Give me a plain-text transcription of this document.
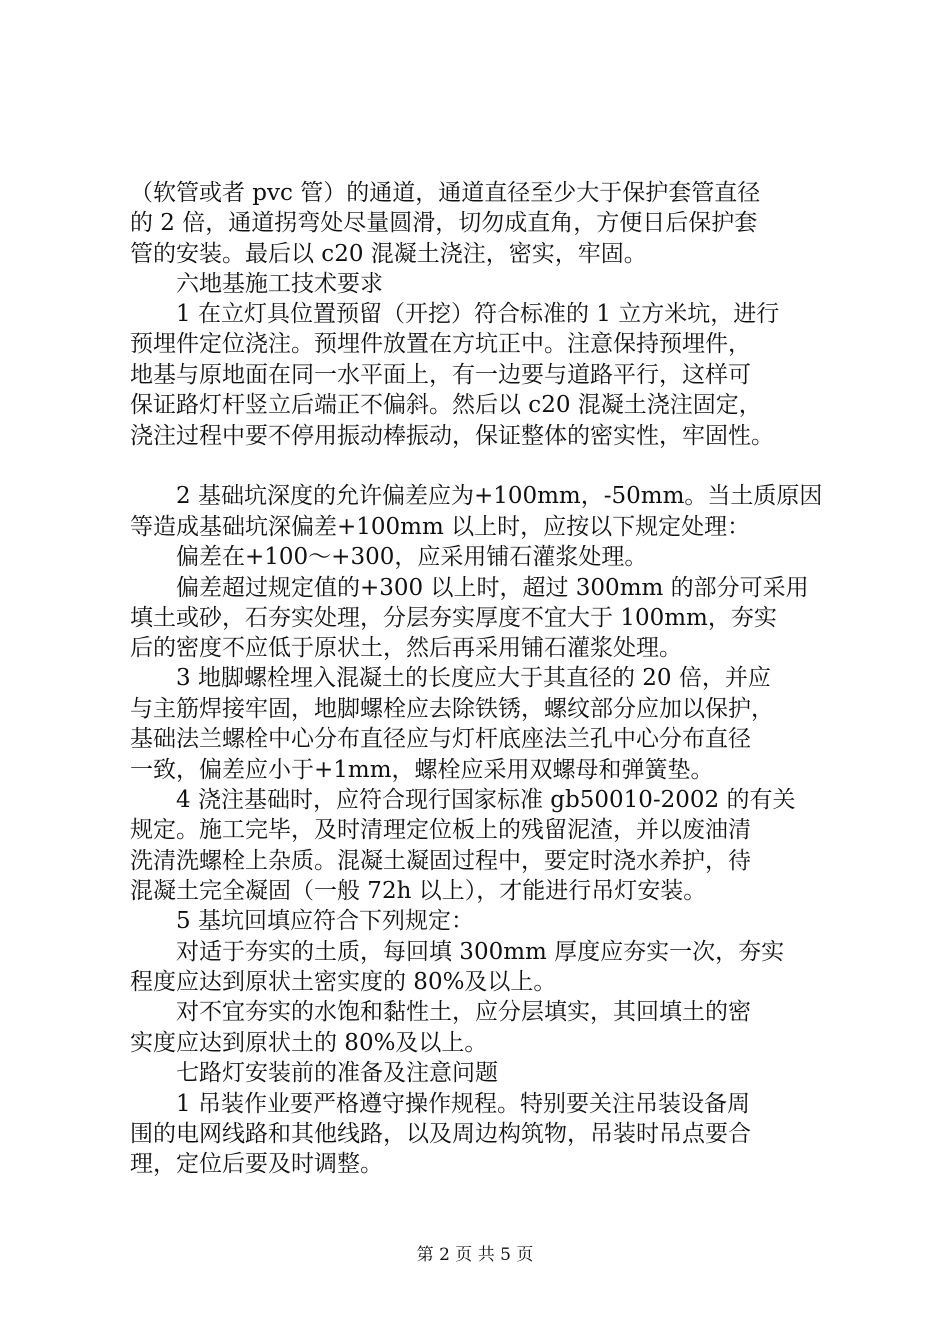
（软管或者 pvc 管）的通道，通道直径至少大于保护套管直径
的 2 倍，通道拐弯处尽量圆滑，切勿成直角，方便日后保护套
管的安装。最后以 c20 混凝土浇注，密实，牢固。
六地基施工技术要求
1 在立灯具位置预留（开挖）符合标准的 1 立方米坑，进行
预埋件定位浇注。预埋件放置在方坑正中。注意保持预埋件，
地基与原地面在同一水平面上，有一边要与道路平行，这样可
保证路灯杆竖立后端正不偏斜。然后以 c20 混凝土浇注固定，
浇注过程中要不停用振动棒振动，保证整体的密实性，牢固性。
2 基础坑深度的允许偏差应为+100mm，-50mm。当土质原因
等造成基础坑深偏差+100mm 以上时，应按以下规定处理：
偏差在+100～+300，应采用铺石灌浆处理。
偏差超过规定值的+300 以上时，超过 300mm 的部分可采用
填土或砂，石夯实处理，分层夯实厚度不宜大于 100mm，夯实
后的密度不应低于原状土，然后再采用铺石灌浆处理。
3 地脚螺栓埋入混凝土的长度应大于其直径的 20 倍，并应
与主筋焊接牢固，地脚螺栓应去除铁锈，螺纹部分应加以保护，
基础法兰螺栓中心分布直径应与灯杆底座法兰孔中心分布直径
一致，偏差应小于+1mm，螺栓应采用双螺母和弹簧垫。
4 浇注基础时，应符合现行国家标准 gb50010-2002 的有关
规定。施工完毕，及时清理定位板上的残留泥渣，并以废油清
洗清洗螺栓上杂质。混凝土凝固过程中，要定时浇水养护，待
混凝土完全凝固（一般 72h 以上），才能进行吊灯安装。
5 基坑回填应符合下列规定：
对适于夯实的土质，每回填 300mm 厚度应夯实一次，夯实
程度应达到原状土密实度的 80%及以上。
对不宜夯实的水饱和黏性土，应分层填实，其回填土的密
实度应达到原状土的 80%及以上。
七路灯安装前的准备及注意问题
1 吊装作业要严格遵守操作规程。特别要关注吊装设备周
围的电网线路和其他线路，以及周边构筑物，吊装时吊点要合
理，定位后要及时调整。
第 2 页 共 5 页
